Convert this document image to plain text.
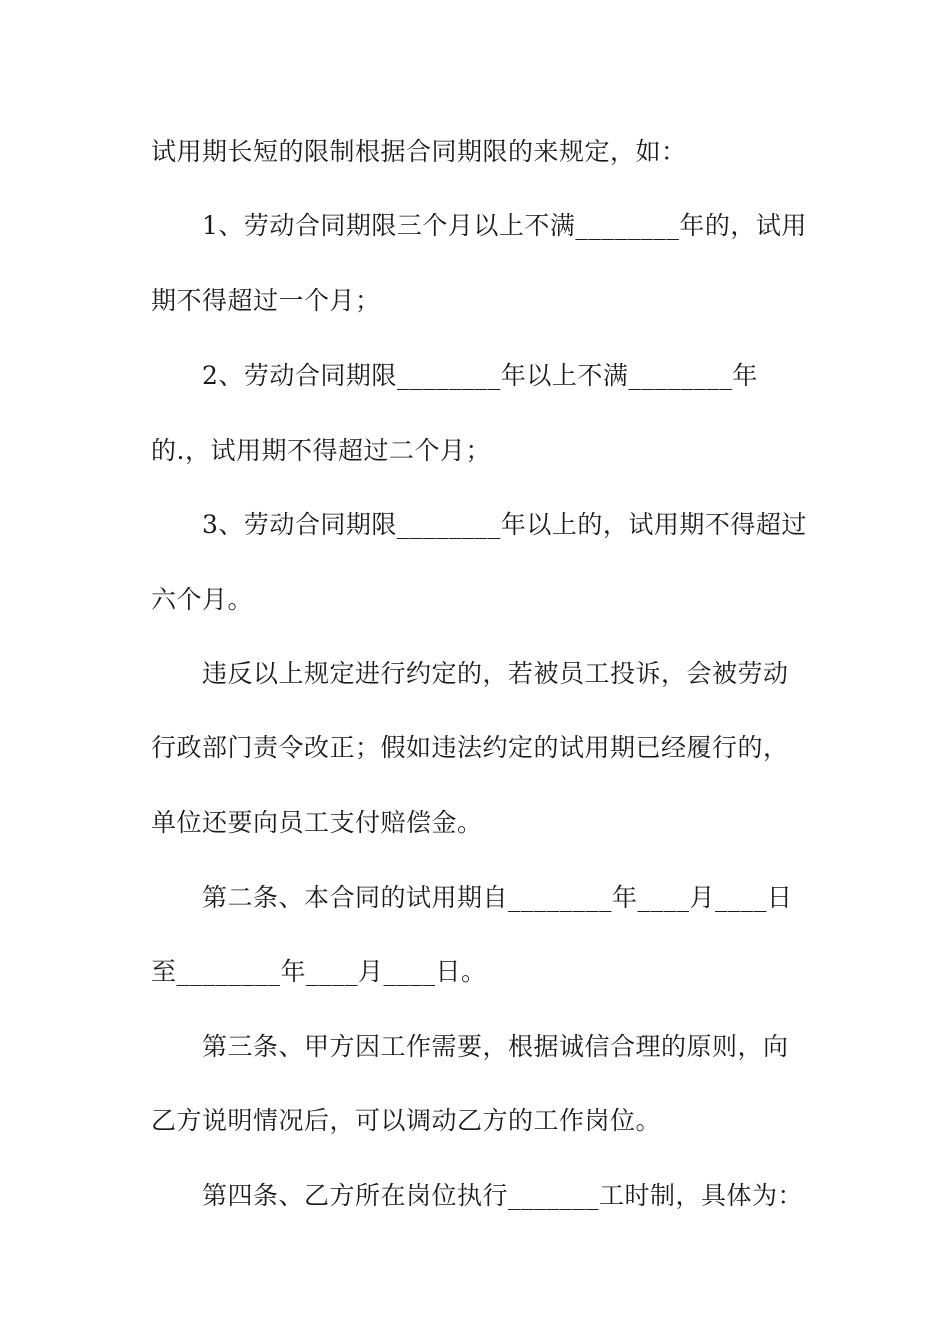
试用期长短的限制根据合同期限的来规定，如：
1、劳动合同期限三个月以上不满________年的，试用
期不得超过一个月；
2、劳动合同期限________年以上不满________年
的.，试用期不得超过二个月；
3、劳动合同期限________年以上的，试用期不得超过
六个月。
违反以上规定进行约定的，若被员工投诉，会被劳动
行政部门责令改正；假如违法约定的试用期已经履行的，
单位还要向员工支付赔偿金。
第二条、本合同的试用期自________年____月____日
至________年____月____日。
第三条、甲方因工作需要，根据诚信合理的原则，向
乙方说明情况后，可以调动乙方的工作岗位。
第四条、乙方所在岗位执行_______工时制，具体为：
